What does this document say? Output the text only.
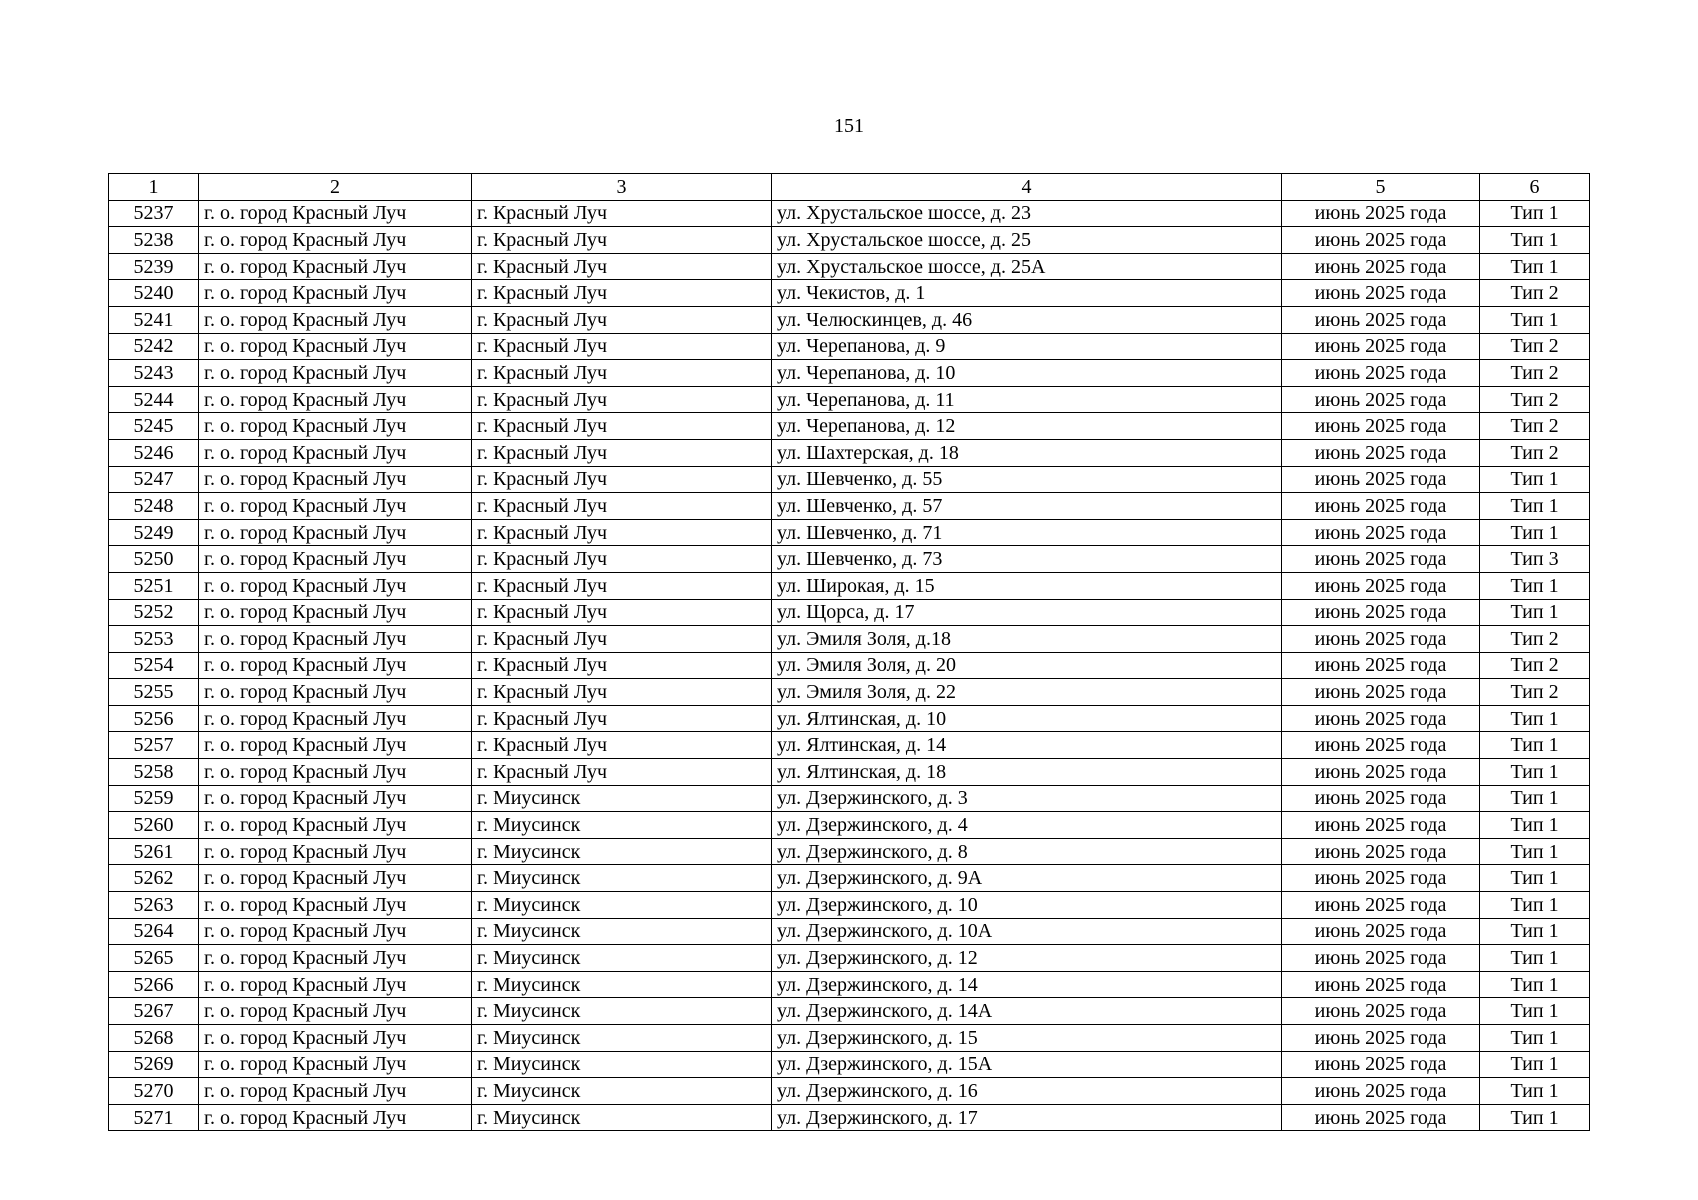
151
1	2	3	4	5	6
5237	г. о. город Красный Луч	г. Красный Луч	ул. Хрустальское шоссе, д. 23	июнь 2025 года	Тип 1
5238	г. о. город Красный Луч	г. Красный Луч	ул. Хрустальское шоссе, д. 25	июнь 2025 года	Тип 1
5239	г. о. город Красный Луч	г. Красный Луч	ул. Хрустальское шоссе, д. 25А	июнь 2025 года	Тип 1
5240	г. о. город Красный Луч	г. Красный Луч	ул. Чекистов, д. 1	июнь 2025 года	Тип 2
5241	г. о. город Красный Луч	г. Красный Луч	ул. Челюскинцев, д. 46	июнь 2025 года	Тип 1
5242	г. о. город Красный Луч	г. Красный Луч	ул. Черепанова, д. 9	июнь 2025 года	Тип 2
5243	г. о. город Красный Луч	г. Красный Луч	ул. Черепанова, д. 10	июнь 2025 года	Тип 2
5244	г. о. город Красный Луч	г. Красный Луч	ул. Черепанова, д. 11	июнь 2025 года	Тип 2
5245	г. о. город Красный Луч	г. Красный Луч	ул. Черепанова, д. 12	июнь 2025 года	Тип 2
5246	г. о. город Красный Луч	г. Красный Луч	ул. Шахтерская, д. 18	июнь 2025 года	Тип 2
5247	г. о. город Красный Луч	г. Красный Луч	ул. Шевченко, д. 55	июнь 2025 года	Тип 1
5248	г. о. город Красный Луч	г. Красный Луч	ул. Шевченко, д. 57	июнь 2025 года	Тип 1
5249	г. о. город Красный Луч	г. Красный Луч	ул. Шевченко, д. 71	июнь 2025 года	Тип 1
5250	г. о. город Красный Луч	г. Красный Луч	ул. Шевченко, д. 73	июнь 2025 года	Тип 3
5251	г. о. город Красный Луч	г. Красный Луч	ул. Широкая, д. 15	июнь 2025 года	Тип 1
5252	г. о. город Красный Луч	г. Красный Луч	ул. Щорса, д. 17	июнь 2025 года	Тип 1
5253	г. о. город Красный Луч	г. Красный Луч	ул. Эмиля Золя, д.18	июнь 2025 года	Тип 2
5254	г. о. город Красный Луч	г. Красный Луч	ул. Эмиля Золя, д. 20	июнь 2025 года	Тип 2
5255	г. о. город Красный Луч	г. Красный Луч	ул. Эмиля Золя, д. 22	июнь 2025 года	Тип 2
5256	г. о. город Красный Луч	г. Красный Луч	ул. Ялтинская, д. 10	июнь 2025 года	Тип 1
5257	г. о. город Красный Луч	г. Красный Луч	ул. Ялтинская, д. 14	июнь 2025 года	Тип 1
5258	г. о. город Красный Луч	г. Красный Луч	ул. Ялтинская, д. 18	июнь 2025 года	Тип 1
5259	г. о. город Красный Луч	г. Миусинск	ул. Дзержинского, д. 3	июнь 2025 года	Тип 1
5260	г. о. город Красный Луч	г. Миусинск	ул. Дзержинского, д. 4	июнь 2025 года	Тип 1
5261	г. о. город Красный Луч	г. Миусинск	ул. Дзержинского, д. 8	июнь 2025 года	Тип 1
5262	г. о. город Красный Луч	г. Миусинск	ул. Дзержинского, д. 9А	июнь 2025 года	Тип 1
5263	г. о. город Красный Луч	г. Миусинск	ул. Дзержинского, д. 10	июнь 2025 года	Тип 1
5264	г. о. город Красный Луч	г. Миусинск	ул. Дзержинского, д. 10А	июнь 2025 года	Тип 1
5265	г. о. город Красный Луч	г. Миусинск	ул. Дзержинского, д. 12	июнь 2025 года	Тип 1
5266	г. о. город Красный Луч	г. Миусинск	ул. Дзержинского, д. 14	июнь 2025 года	Тип 1
5267	г. о. город Красный Луч	г. Миусинск	ул. Дзержинского, д. 14А	июнь 2025 года	Тип 1
5268	г. о. город Красный Луч	г. Миусинск	ул. Дзержинского, д. 15	июнь 2025 года	Тип 1
5269	г. о. город Красный Луч	г. Миусинск	ул. Дзержинского, д. 15А	июнь 2025 года	Тип 1
5270	г. о. город Красный Луч	г. Миусинск	ул. Дзержинского, д. 16	июнь 2025 года	Тип 1
5271	г. о. город Красный Луч	г. Миусинск	ул. Дзержинского, д. 17	июнь 2025 года	Тип 1
